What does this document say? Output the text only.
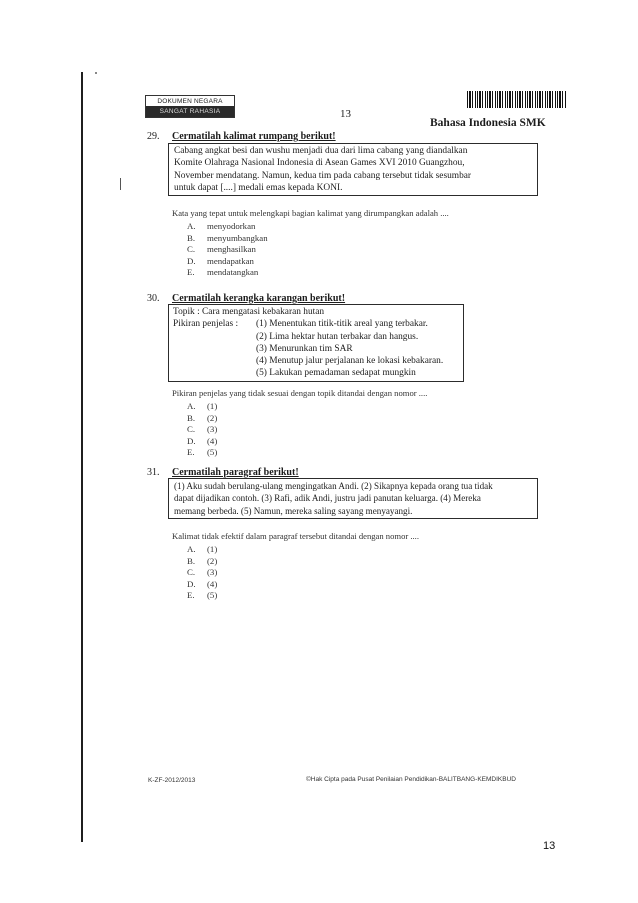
DOKUMEN NEGARA
SANGAT RAHASIA	13
Bahasa Indonesia SMK
29. Cermatilah kalimat rumpang berikut!

Cabang angkat besi dan wushu menjadi dua dari lima cabang yang diandalkan

Komite Olahraga Nasional Indonesia di Asean Games XVI 2010 Guangzhou,

November mendatang. Namun, kedua tim pada cabang tersebut tidak sesumbar

untuk dapat [....] medali emas kepada KONI.

Kata yang tepat untuk melengkapi bagian kalimat yang dirumpangkan adalah ....
A. menyodorkan
B. menyumbangkan
C. menghasilkan
D. mendapatkan
E. mendatangkan
30. Cermatilah kerangka karangan berikut!
Topik : Cara mengatasi kebakaran hutan
Pikiran penjelas : (1) Menentukan titik-titik areal yang terbakar.
(2) Lima hektar hutan terbakar dan hangus.
(3) Menurunkan tim SAR
(4) Menutup jalur perjalanan ke lokasi kebakaran.
(5) Lakukan pemadaman sedapat mungkin
Pikiran penjelas yang tidak sesuai dengan topik ditandai dengan nomor ....
A. (1)
B. (2)
C. (3)
D. (4)
E. (5)
31. Cermatilah paragraf berikut!

(1) Aku sudah berulang-ulang mengingatkan Andi. (2) Sikapnya kepada orang tua tidak

dapat dijadikan contoh. (3) Rafi, adik Andi, justru jadi panutan keluarga. (4) Mereka

memang berbeda. (5) Namun, mereka saling sayang menyayangi.

Kalimat tidak efektif dalam paragraf tersebut ditandai dengan nomor ....
A. (1)
B. (2)
C. (3)
D. (4)
E. (5)
K-ZF-2012/2013	©Hak Cipta pada Pusat Penilaian Pendidikan-BALITBANG-KEMDIKBUD
13
